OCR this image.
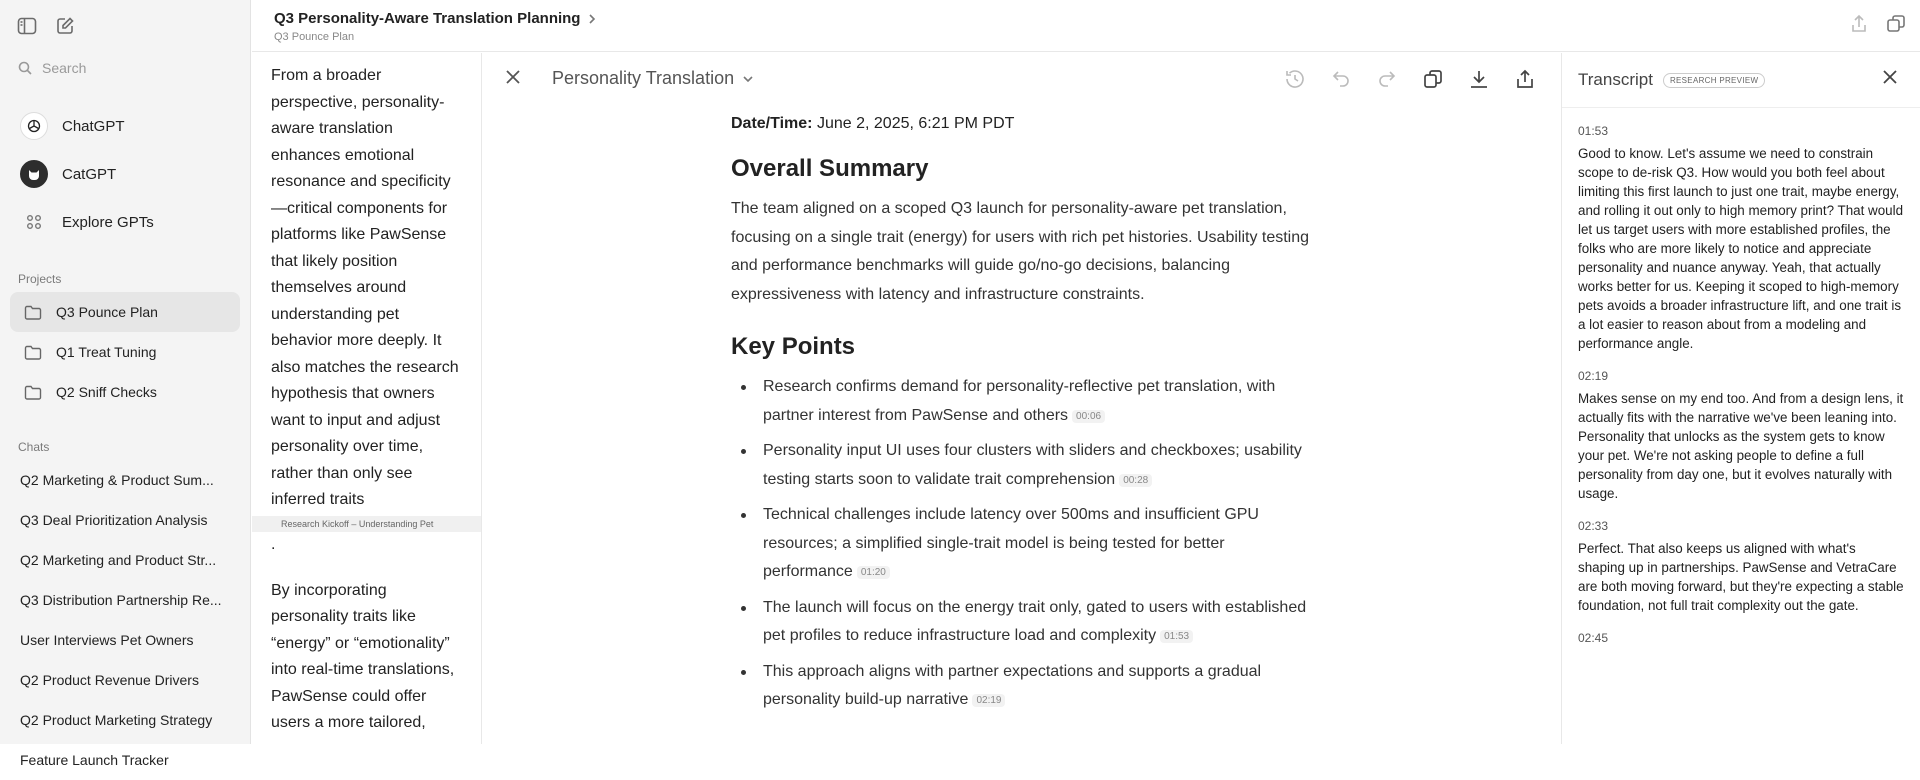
Search
ChatGPT
CatGPT
Explore GPTs
Projects
Q3 Pounce Plan
Q1 Treat Tuning
Q2 Sniff Checks
Chats
Q2 Marketing & Product Sum...
Q3 Deal Prioritization Analysis
Q2 Marketing and Product Str...
Q3 Distribution Partnership Re...
User Interviews Pet Owners
Q2 Product Revenue Drivers
Q2 Product Marketing Strategy
Feature Launch Tracker
Q3 Personality-Aware Translation Planning
Q3 Pounce Plan
From a broader perspective, personality-aware translation enhances emotional resonance and specificity—critical components for platforms like PawSense that likely position themselves around understanding pet behavior more deeply. It also matches the research hypothesis that owners want to input and adjust personality over time, rather than only see inferred traits
Research Kickoff – Understanding Pet
.
By incorporating personality traits like “energy” or “emotionality” into real-time translations, PawSense could offer users a more tailored,
Personality Translation
Date/Time: June 2, 2025, 6:21 PM PDT
Overall Summary

The team aligned on a scoped Q3 launch for personality-aware pet translation, focusing on a single trait (energy) for users with rich pet histories. Usability testing and performance benchmarks will guide go/no-go decisions, balancing expressiveness with latency and infrastructure constraints.

Key Points
Research confirms demand for personality-reflective pet translation, with partner interest from PawSense and others 00:06
Personality input UI uses four clusters with sliders and checkboxes; usability testing starts soon to validate trait comprehension 00:28
Technical challenges include latency over 500ms and insufficient GPU resources; a simplified single-trait model is being tested for better performance 01:20
The launch will focus on the energy trait only, gated to users with established pet profiles to reduce infrastructure load and complexity 01:53
This approach aligns with partner expectations and supports a gradual personality build-up narrative 02:19
Transcript	RESEARCH PREVIEW
01:53
Good to know. Let's assume we need to constrain scope to de-risk Q3. How would you both feel about limiting this first launch to just one trait, maybe energy, and rolling it out only to high memory print? That would let us target users with more established profiles, the folks who are more likely to notice and appreciate personality and nuance anyway. Yeah, that actually works better for us. Keeping it scoped to high-memory pets avoids a broader infrastructure lift, and one trait is a lot easier to reason about from a modeling and performance angle.
02:19
Makes sense on my end too. And from a design lens, it actually fits with the narrative we've been leaning into. Personality that unlocks as the system gets to know your pet. We're not asking people to define a full personality from day one, but it evolves naturally with usage.
02:33
Perfect. That also keeps us aligned with what's shaping up in partnerships. PawSense and VetraCare are both moving forward, but they're expecting a stable foundation, not full trait complexity out the gate.
02:45
